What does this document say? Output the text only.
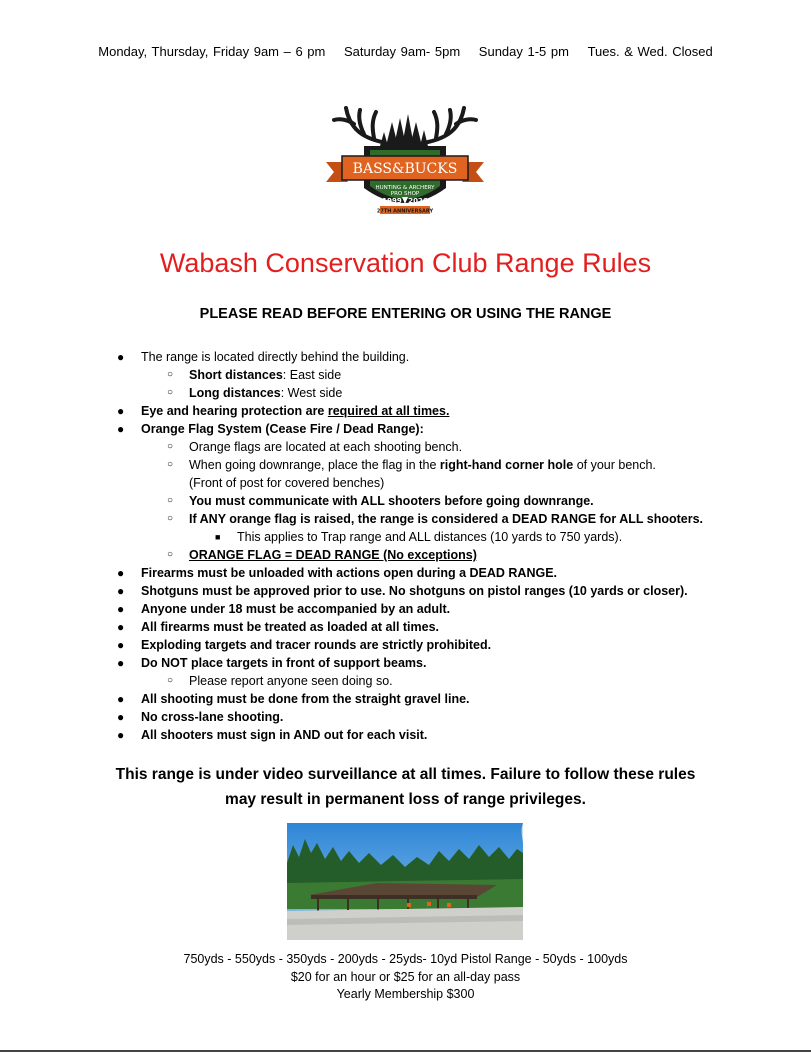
Monday, Thursday, Friday 9am – 6 pm Saturday 9am- 5pm Sunday 1-5 pm Tues. & Wed. Closed
BASS&BUCKS
HUNTING & ARCHERY
PRO SHOP
1999 2026
27TH ANNIVERSARY
Wabash Conservation Club Range Rules
PLEASE READ BEFORE ENTERING OR USING THE RANGE
● The range is located directly behind the building.
○ Short distances: East side
○ Long distances: West side
● Eye and hearing protection are required at all times.
● Orange Flag System (Cease Fire / Dead Range):
○ Orange flags are located at each shooting bench.
○ When going downrange, place the flag in the right-hand corner hole of your bench.
(Front of post for covered benches)
○ You must communicate with ALL shooters before going downrange.
○ If ANY orange flag is raised, the range is considered a DEAD RANGE for ALL shooters.
■ This applies to Trap range and ALL distances (10 yards to 750 yards).
○ ORANGE FLAG = DEAD RANGE (No exceptions)
● Firearms must be unloaded with actions open during a DEAD RANGE.
● Shotguns must be approved prior to use. No shotguns on pistol ranges (10 yards or closer).
● Anyone under 18 must be accompanied by an adult.
● All firearms must be treated as loaded at all times.
● Exploding targets and tracer rounds are strictly prohibited.
● Do NOT place targets in front of support beams.
○ Please report anyone seen doing so.
● All shooting must be done from the straight gravel line.
● No cross-lane shooting.
● All shooters must sign in AND out for each visit.
This range is under video surveillance at all times. Failure to follow these rules
may result in permanent loss of range privileges.
750yds - 550yds - 350yds - 200yds - 25yds- 10yd Pistol Range - 50yds - 100yds
$20 for an hour or $25 for an all-day pass
Yearly Membership $300
